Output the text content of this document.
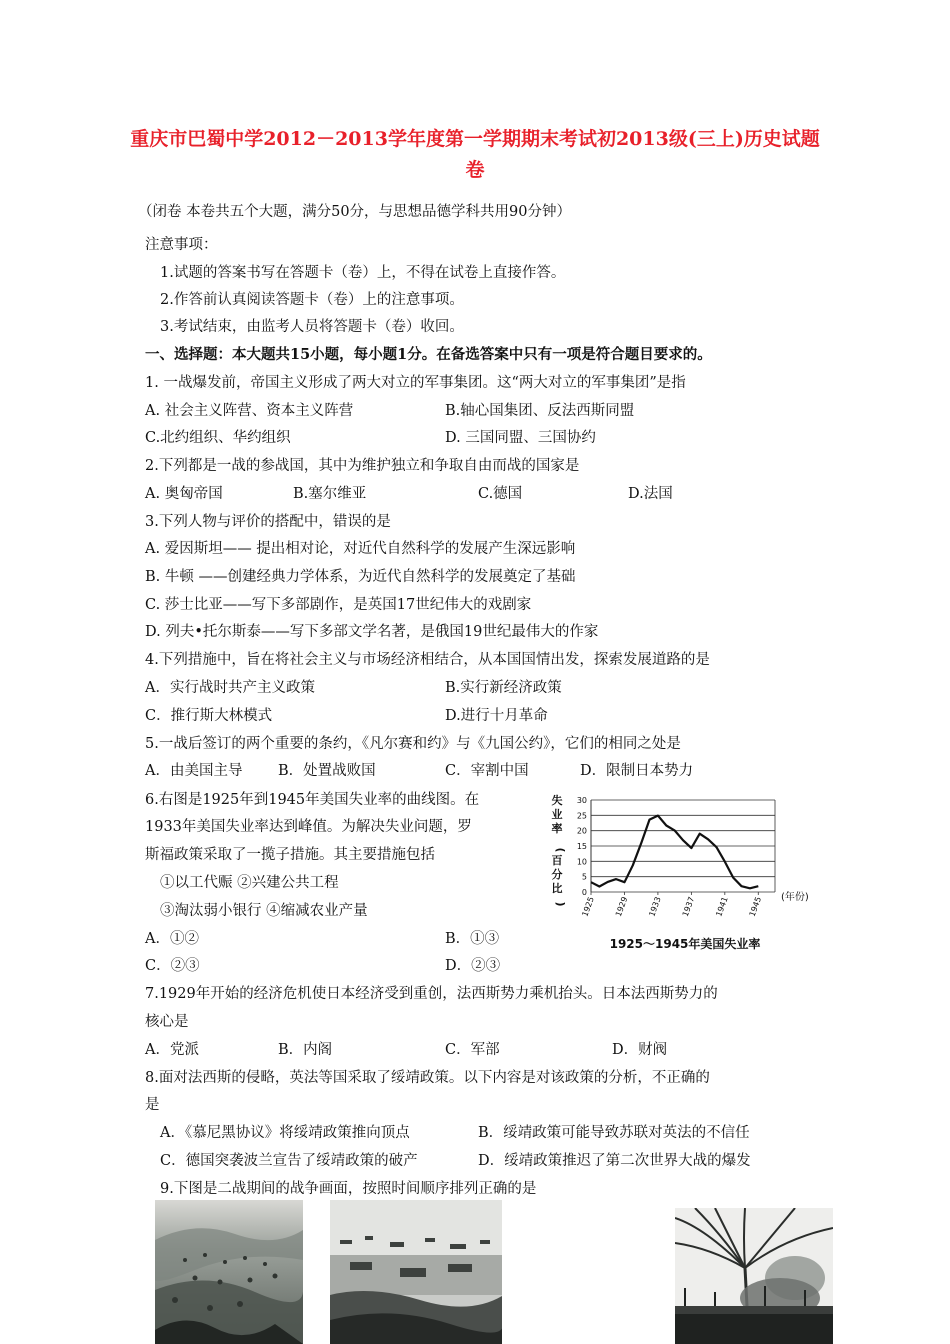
重庆市巴蜀中学2012－2013学年度第一学期期末考试初2013级(三上)历史试题卷
（闭卷 本卷共五个大题，满分50分，与思想品德学科共用90分钟）
注意事项：
1.试题的答案书写在答题卡（卷）上，不得在试卷上直接作答。
2.作答前认真阅读答题卡（卷）上的注意事项。
3.考试结束，由监考人员将答题卡（卷）收回。
一、选择题：本大题共15小题，每小题1分。在备选答案中只有一项是符合题目要求的。
1. 一战爆发前，帝国主义形成了两大对立的军事集团。这“两大对立的军事集团”是指
A. 社会主义阵营、资本主义阵营	B.轴心国集团、反法西斯同盟
C.北约组织、华约组织	D. 三国同盟、三国协约
2.下列都是一战的参战国，其中为维护独立和争取自由而战的国家是
A. 奥匈帝国	B.塞尔维亚	C.德国	D.法国
3.下列人物与评价的搭配中，错误的是
A. 爱因斯坦—— 提出相对论，对近代自然科学的发展产生深远影响
B. 牛顿 ——创建经典力学体系，为近代自然科学的发展奠定了基础
C. 莎士比亚——写下多部剧作，是英国17世纪伟大的戏剧家
D. 列夫•托尔斯泰——写下多部文学名著，是俄国19世纪最伟大的作家
4.下列措施中，旨在将社会主义与市场经济相结合，从本国国情出发，探索发展道路的是
A．实行战时共产主义政策	B.实行新经济政策
C．推行斯大林模式	D.进行十月革命
5.一战后签订的两个重要的条约，《凡尔赛和约》与《九国公约》，它们的相同之处是
A．由美国主导 B．处置战败国	C．宰割中国	D．限制日本势力
6.右图是1925年到1945年美国失业率的曲线图。在
1933年美国失业率达到峰值。为解决失业问题，罗
斯福政策采取了一揽子措施。其主要措施包括
①以工代赈 ②兴建公共工程
③淘汰弱小银行 ④缩减农业产量
A．①②	B．①③
C．②③	D．②③
失
业
率
(
百
分
比
)
0
5
10
15
20
25
30
1925 1929 1933 1937 1941 1945 (年份)
1925～1945年美国失业率
7.1929年开始的经济危机使日本经济受到重创，法西斯势力乘机抬头。日本法西斯势力的
核心是
A．党派	B．内阁	C．军部	D．财阀
8.面对法西斯的侵略，英法等国采取了绥靖政策。以下内容是对该政策的分析，不正确的
是
A．《慕尼黑协议》将绥靖政策推向顶点	B．绥靖政策可能导致苏联对英法的不信任
C．德国突袭波兰宣告了绥靖政策的破产	D．绥靖政策推迟了第二次世界大战的爆发
9.下图是二战期间的战争画面，按照时间顺序排列正确的是
